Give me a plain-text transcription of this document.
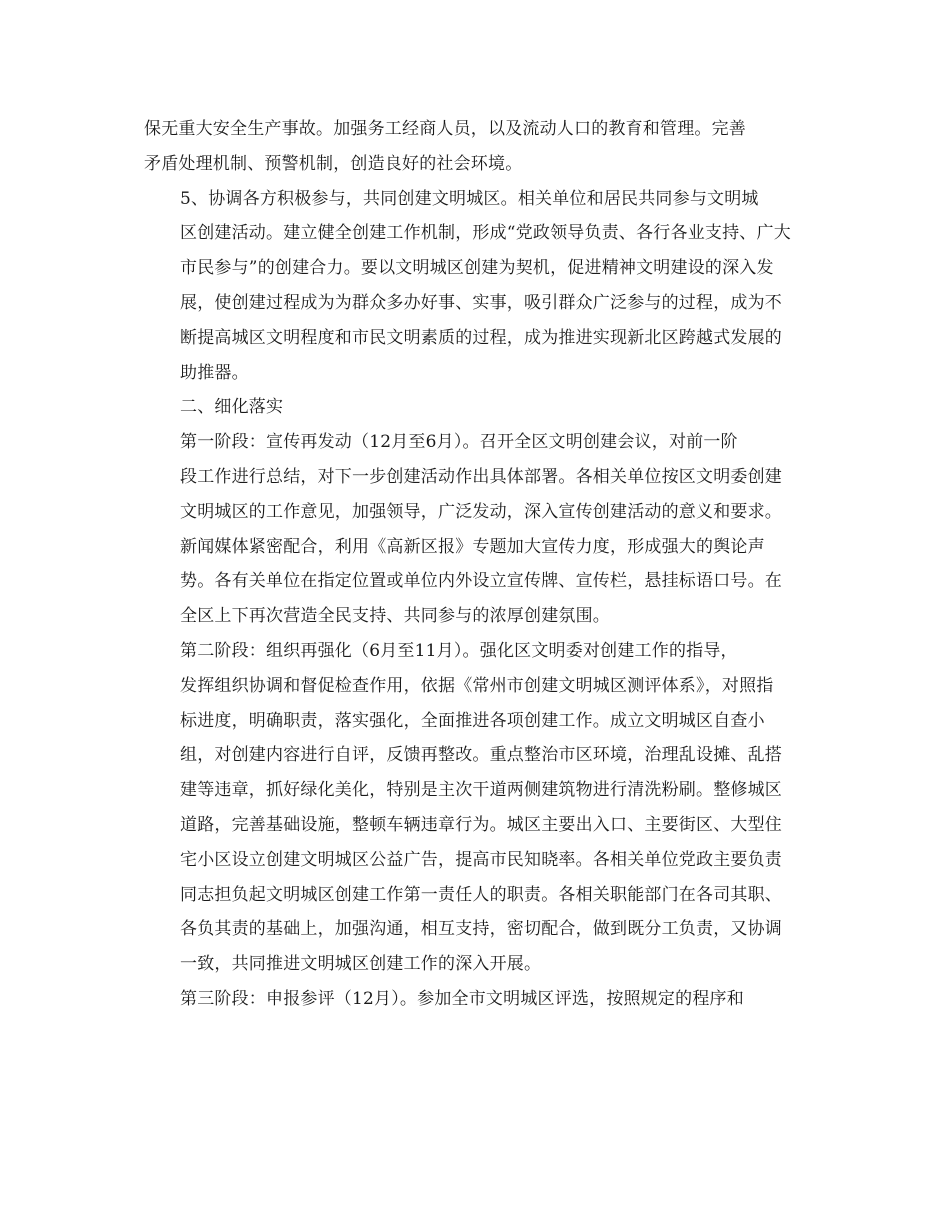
保无重大安全生产事故。加强务工经商人员，以及流动人口的教育和管理。完善
矛盾处理机制、预警机制，创造良好的社会环境。

5、协调各方积极参与，共同创建文明城区。相关单位和居民共同参与文明城
区创建活动。建立健全创建工作机制，形成“党政领导负责、各行各业支持、广大
市民参与”的创建合力。要以文明城区创建为契机，促进精神文明建设的深入发
展，使创建过程成为为群众多办好事、实事，吸引群众广泛参与的过程，成为不
断提高城区文明程度和市民文明素质的过程，成为推进实现新北区跨越式发展的
助推器。

二、细化落实

第一阶段：宣传再发动（12月至6月）。召开全区文明创建会议，对前一阶
段工作进行总结，对下一步创建活动作出具体部署。各相关单位按区文明委创建
文明城区的工作意见，加强领导，广泛发动，深入宣传创建活动的意义和要求。
新闻媒体紧密配合，利用《高新区报》专题加大宣传力度，形成强大的舆论声
势。各有关单位在指定位置或单位内外设立宣传牌、宣传栏，悬挂标语口号。在
全区上下再次营造全民支持、共同参与的浓厚创建氛围。

第二阶段：组织再强化（6月至11月）。强化区文明委对创建工作的指导，
发挥组织协调和督促检查作用，依据《常州市创建文明城区测评体系》，对照指
标进度，明确职责，落实强化，全面推进各项创建工作。成立文明城区自查小
组，对创建内容进行自评，反馈再整改。重点整治市区环境，治理乱设摊、乱搭
建等违章，抓好绿化美化，特别是主次干道两侧建筑物进行清洗粉刷。整修城区
道路，完善基础设施，整顿车辆违章行为。城区主要出入口、主要街区、大型住
宅小区设立创建文明城区公益广告，提高市民知晓率。各相关单位党政主要负责
同志担负起文明城区创建工作第一责任人的职责。各相关职能部门在各司其职、
各负其责的基础上，加强沟通，相互支持，密切配合，做到既分工负责，又协调
一致，共同推进文明城区创建工作的深入开展。

第三阶段：申报参评（12月）。参加全市文明城区评选，按照规定的程序和
